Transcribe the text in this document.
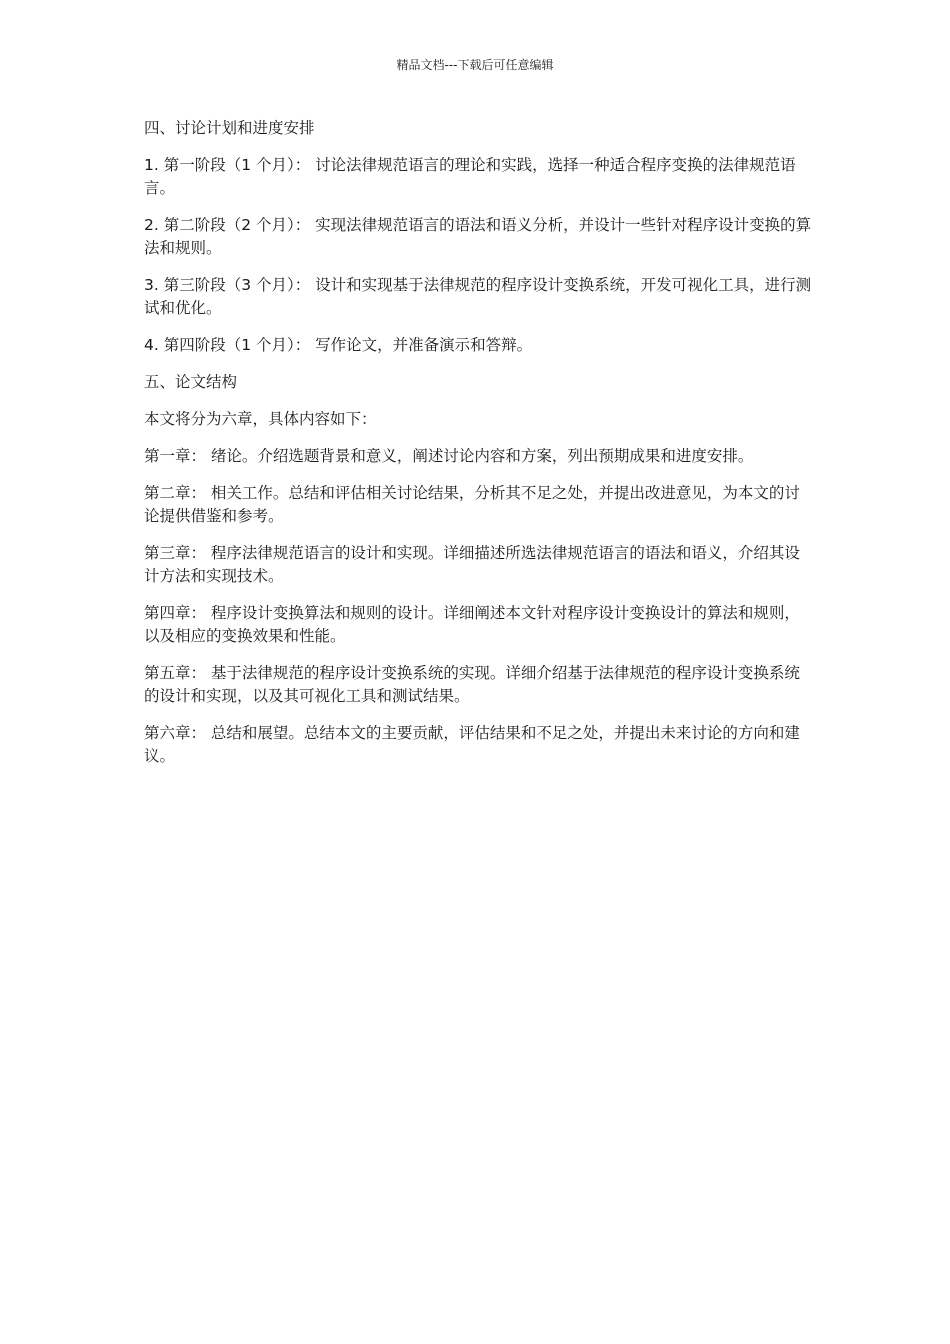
精品文档---下载后可任意编辑

四、讨论计划和进度安排

1. 第一阶段（1 个月）： 讨论法律规范语言的理论和实践，选择一种适合程序变换的法律规范语言。

2. 第二阶段（2 个月）： 实现法律规范语言的语法和语义分析，并设计一些针对程序设计变换的算法和规则。

3. 第三阶段（3 个月）： 设计和实现基于法律规范的程序设计变换系统，开发可视化工具，进行测试和优化。

4. 第四阶段（1 个月）： 写作论文，并准备演示和答辩。

五、论文结构

本文将分为六章，具体内容如下：

第一章： 绪论。介绍选题背景和意义，阐述讨论内容和方案，列出预期成果和进度安排。

第二章： 相关工作。总结和评估相关讨论结果，分析其不足之处，并提出改进意见，为本文的讨论提供借鉴和参考。

第三章： 程序法律规范语言的设计和实现。详细描述所选法律规范语言的语法和语义，介绍其设计方法和实现技术。

第四章： 程序设计变换算法和规则的设计。详细阐述本文针对程序设计变换设计的算法和规则，以及相应的变换效果和性能。

第五章： 基于法律规范的程序设计变换系统的实现。详细介绍基于法律规范的程序设计变换系统的设计和实现，以及其可视化工具和测试结果。

第六章： 总结和展望。总结本文的主要贡献，评估结果和不足之处，并提出未来讨论的方向和建议。
